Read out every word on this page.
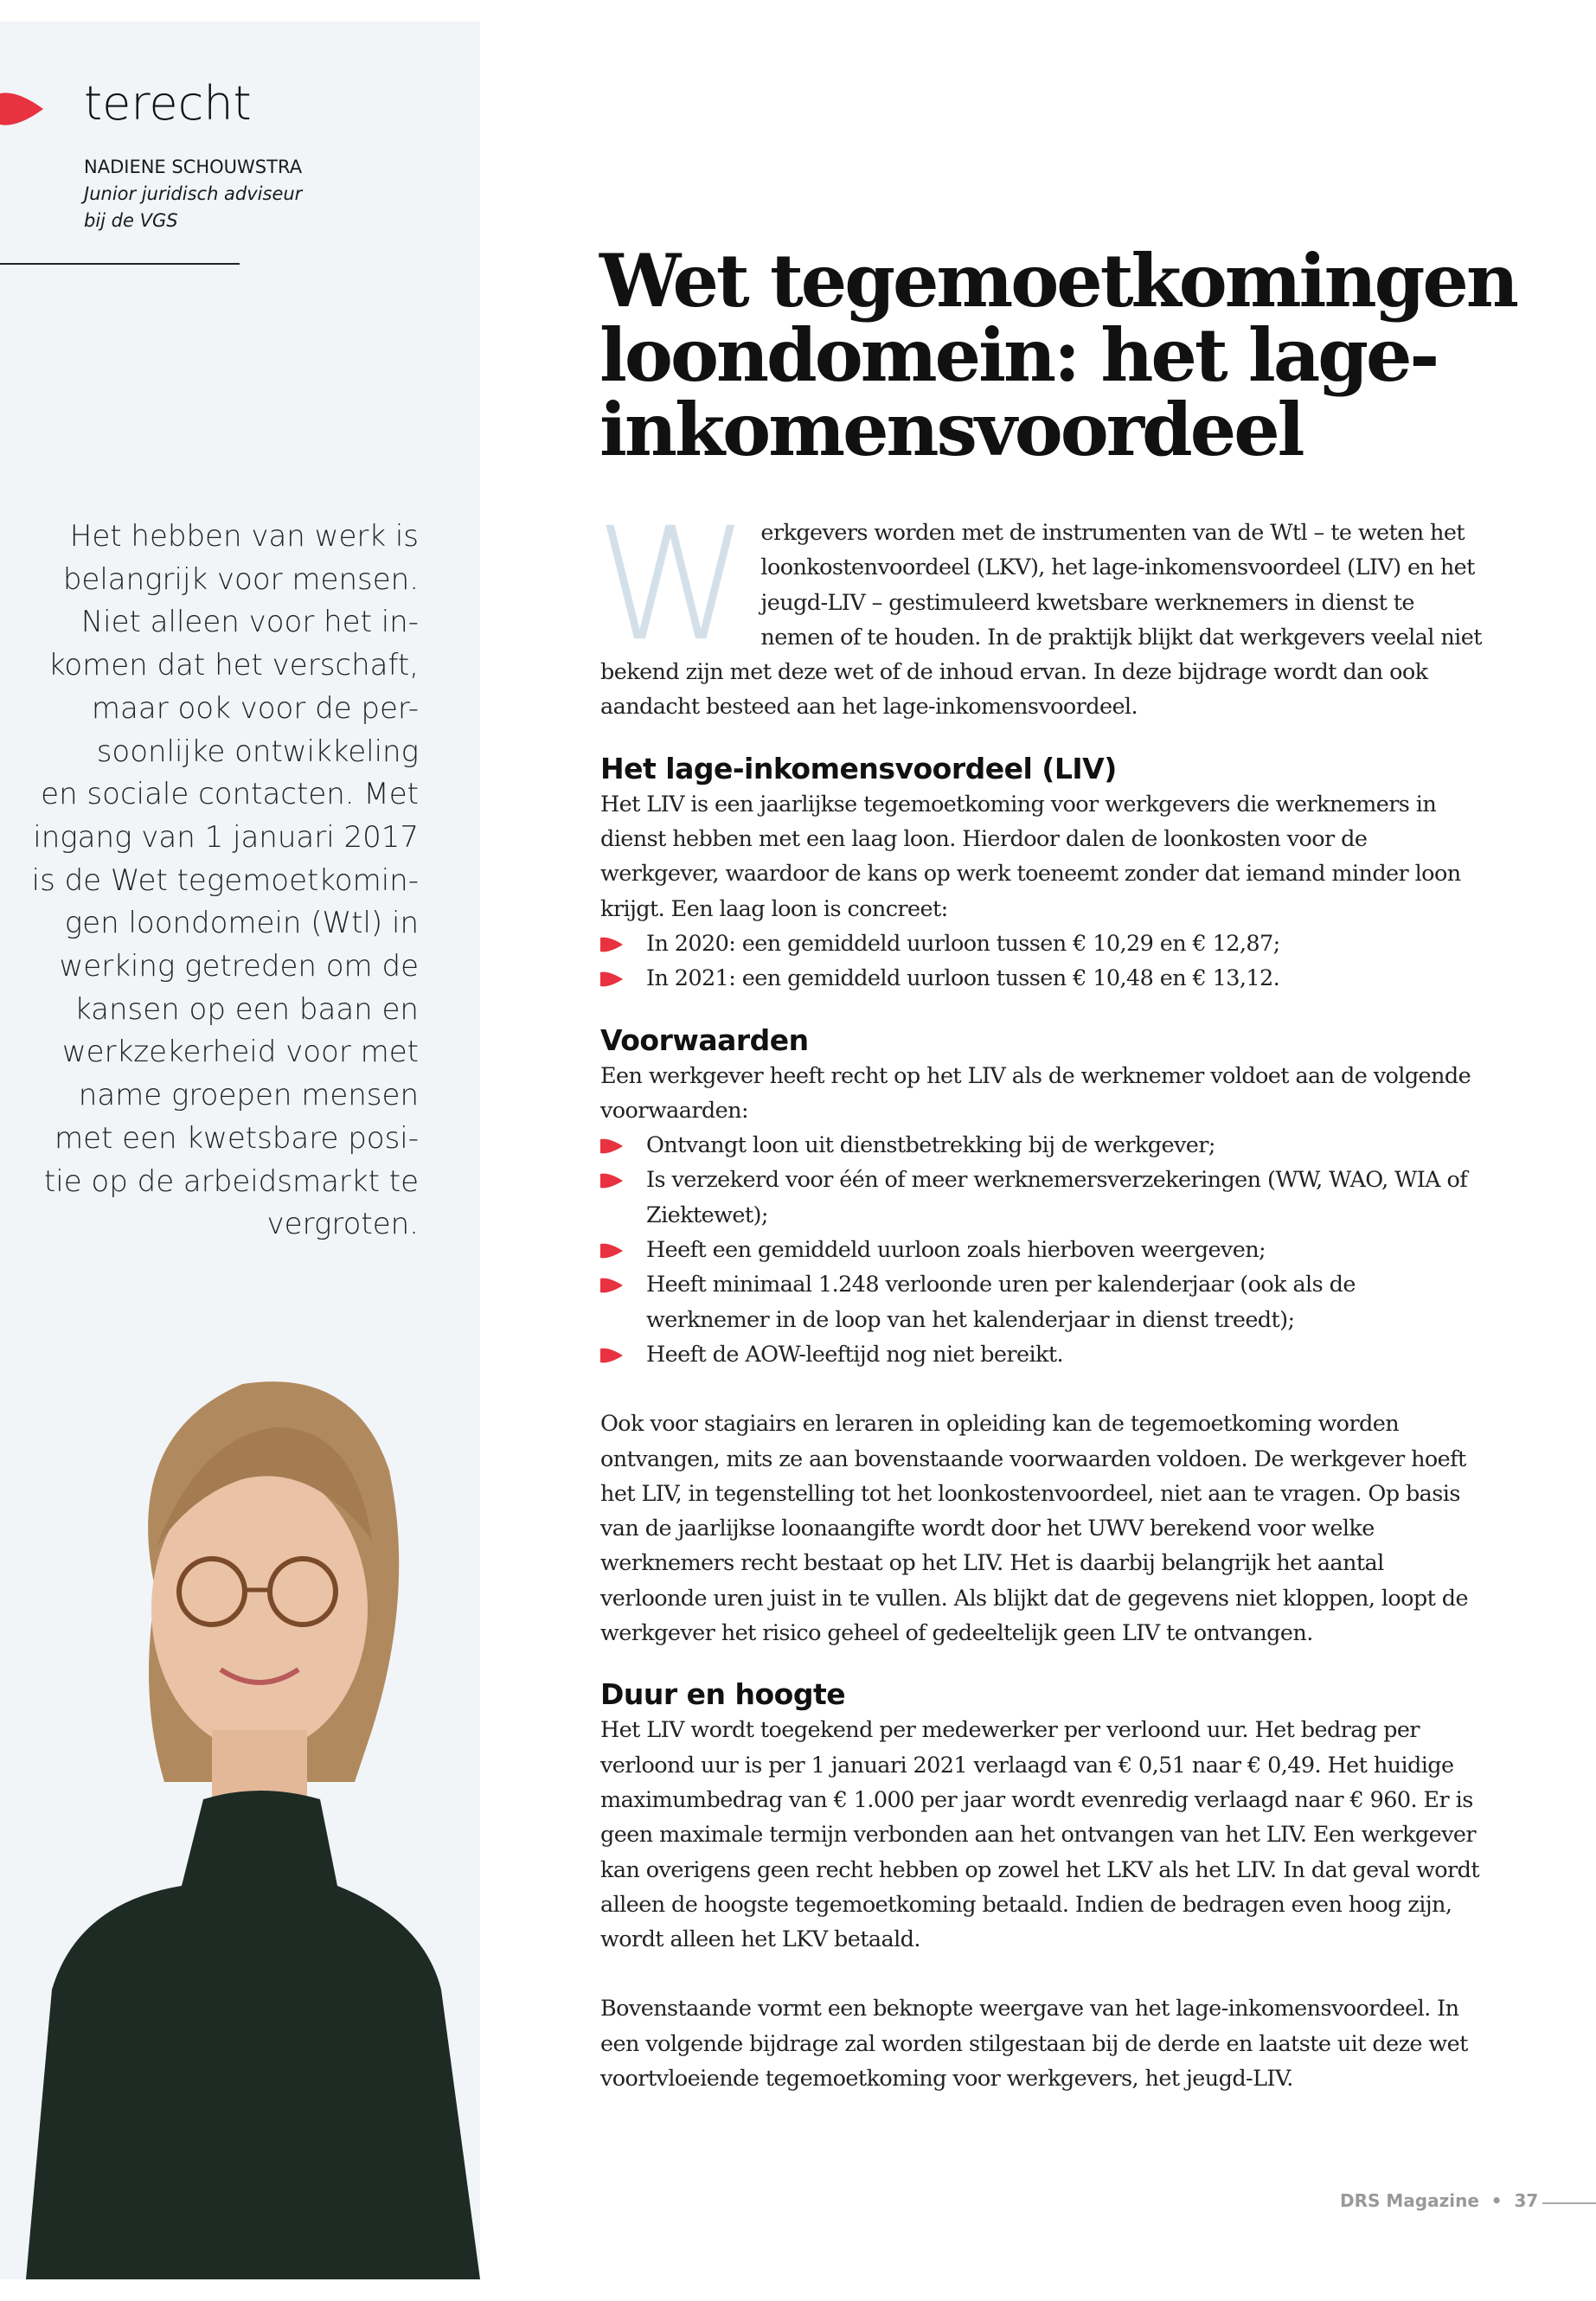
terecht
NADIENE SCHOUWSTRA
Junior juridisch adviseur
bij de VGS
Het hebben van werk is
belangrijk voor mensen.
Niet alleen voor het in-
komen dat het verschaft,
maar ook voor de per-
soonlijke ontwikkeling
en sociale contacten. Met
ingang van 1 januari 2017
is de Wet tegemoetkomin-
gen loondomein (Wtl) in
werking getreden om de
kansen op een baan en
werkzekerheid voor met
name groepen mensen
met een kwetsbare posi-
tie op de arbeidsmarkt te
vergroten.
Wet tegemoetkomingen loondomein: het lage-inkomensvoordeel
W erkgevers worden met de instrumenten van de Wtl – te weten het loonkostenvoordeel (LKV), het lage-inkomensvoordeel (LIV) en het jeugd-LIV – gestimuleerd kwetsbare werknemers in dienst te nemen of te houden. In de praktijk blijkt dat werkgevers veelal niet bekend zijn met deze wet of de inhoud ervan. In deze bijdrage wordt dan ook aandacht besteed aan het lage-inkomensvoordeel.

Het lage-inkomensvoordeel (LIV)

Het LIV is een jaarlijkse tegemoetkoming voor werkgevers die werknemers in dienst hebben met een laag loon. Hierdoor dalen de loonkosten voor de werkgever, waardoor de kans op werk toeneemt zonder dat iemand minder loon krijgt. Een laag loon is concreet:

In 2020: een gemiddeld uurloon tussen € 10,29 en € 12,87;
In 2021: een gemiddeld uurloon tussen € 10,48 en € 13,12.
Voorwaarden

Een werkgever heeft recht op het LIV als de werknemer voldoet aan de volgende voorwaarden:

Ontvangt loon uit dienstbetrekking bij de werkgever;
Is verzekerd voor één of meer werknemersverzekeringen (WW, WAO, WIA of Ziektewet);
Heeft een gemiddeld uurloon zoals hierboven weergeven;
Heeft minimaal 1.248 verloonde uren per kalenderjaar (ook als de werknemer in de loop van het kalenderjaar in dienst treedt);
Heeft de AOW-leeftijd nog niet bereikt.

Ook voor stagiairs en leraren in opleiding kan de tegemoetkoming worden ontvangen, mits ze aan bovenstaande voorwaarden voldoen. De werkgever hoeft het LIV, in tegenstelling tot het loonkostenvoordeel, niet aan te vragen. Op basis van de jaarlijkse loonaangifte wordt door het UWV berekend voor welke werknemers recht bestaat op het LIV. Het is daarbij belangrijk het aantal verloonde uren juist in te vullen. Als blijkt dat de gegevens niet kloppen, loopt de werkgever het risico geheel of gedeeltelijk geen LIV te ontvangen.

Duur en hoogte

Het LIV wordt toegekend per medewerker per verloond uur. Het bedrag per verloond uur is per 1 januari 2021 verlaagd van € 0,51 naar € 0,49. Het huidige maximumbedrag van € 1.000 per jaar wordt evenredig verlaagd naar € 960. Er is geen maximale termijn verbonden aan het ontvangen van het LIV. Een werkgever kan overigens geen recht hebben op zowel het LKV als het LIV. In dat geval wordt alleen de hoogste tegemoetkoming betaald. Indien de bedragen even hoog zijn, wordt alleen het LKV betaald.

Bovenstaande vormt een beknopte weergave van het lage-inkomensvoordeel. In een volgende bijdrage zal worden stilgestaan bij de derde en laatste uit deze wet voortvloeiende tegemoetkoming voor werkgevers, het jeugd-LIV.

DRS Magazine  •  37
